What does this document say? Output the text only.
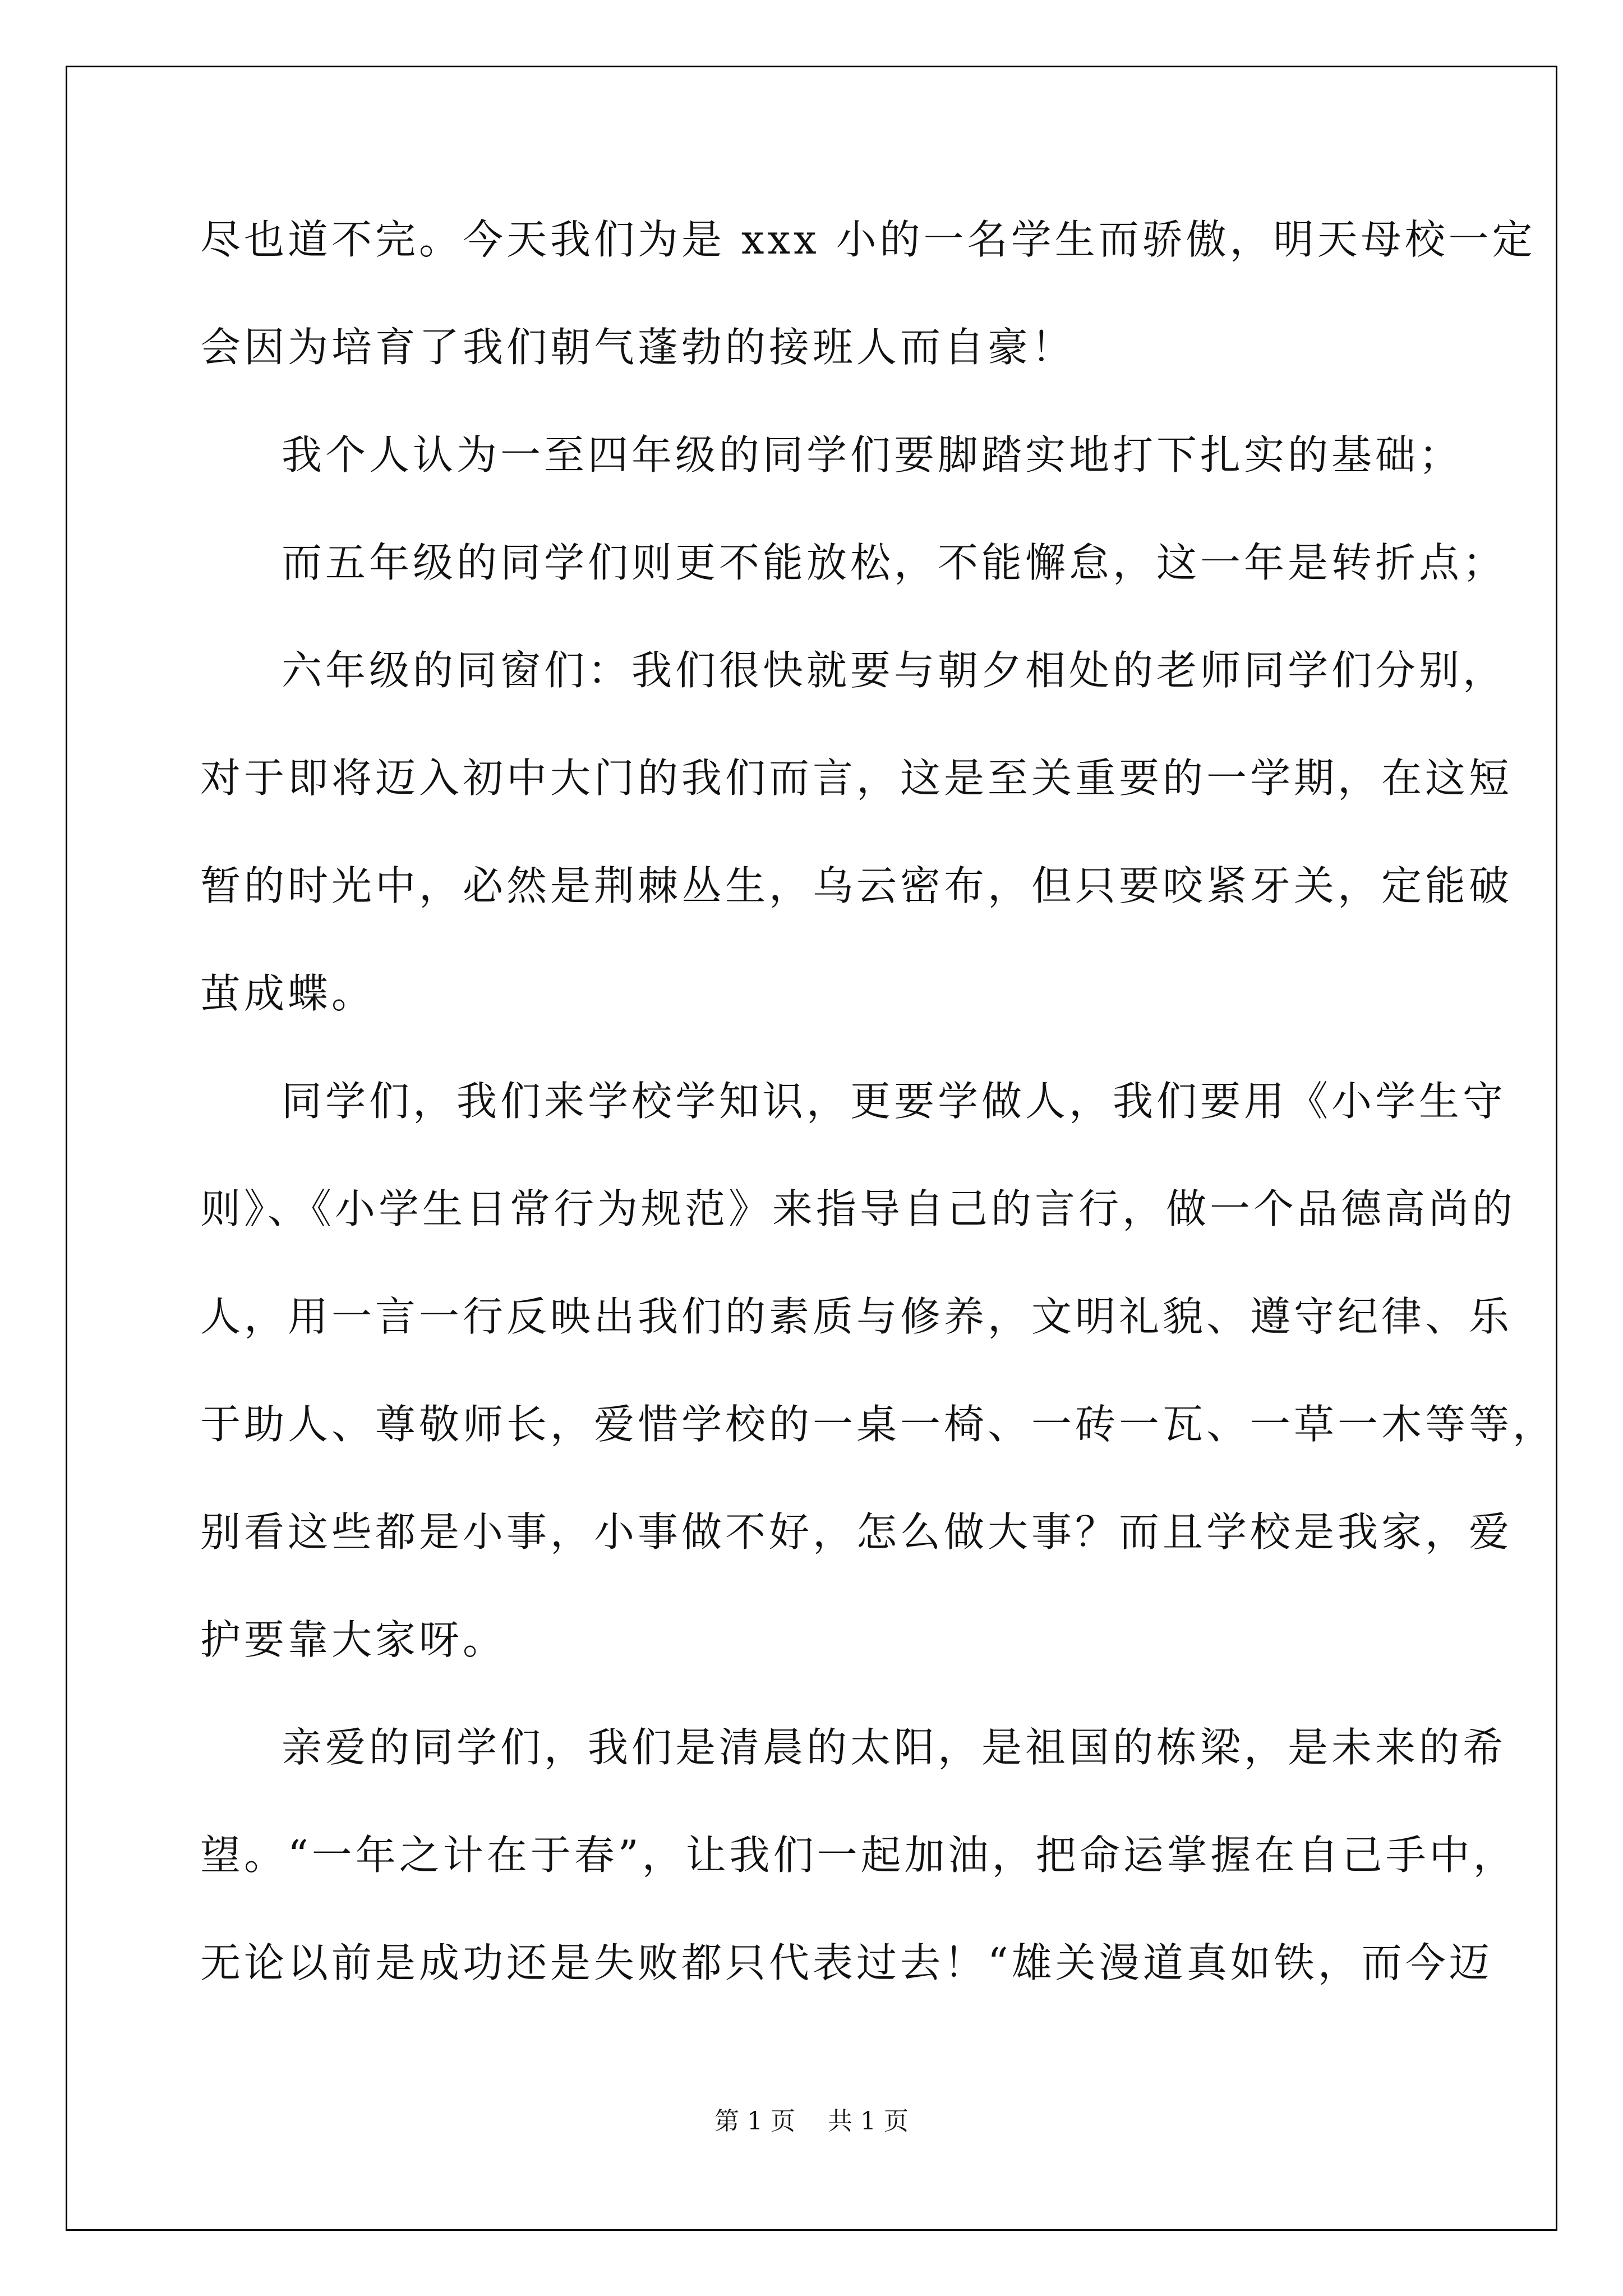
尽也道不完。今天我们为是 xxx 小的一名学生而骄傲，明天母校一定
会因为培育了我们朝气蓬勃的接班人而自豪！
我个人认为一至四年级的同学们要脚踏实地打下扎实的基础；
而五年级的同学们则更不能放松，不能懈怠，这一年是转折点；
六年级的同窗们：我们很快就要与朝夕相处的老师同学们分别，
对于即将迈入初中大门的我们而言，这是至关重要的一学期，在这短
暂的时光中，必然是荆棘丛生，乌云密布，但只要咬紧牙关，定能破
茧成蝶。
同学们，我们来学校学知识，更要学做人，我们要用《小学生守
则》、《小学生日常行为规范》来指导自己的言行，做一个品德高尚的
人，用一言一行反映出我们的素质与修养，文明礼貌、遵守纪律、乐
于助人、尊敬师长，爱惜学校的一桌一椅、一砖一瓦、一草一木等等，
别看这些都是小事，小事做不好，怎么做大事？而且学校是我家，爱
护要靠大家呀。
亲爱的同学们，我们是清晨的太阳，是祖国的栋梁，是未来的希
望。“一年之计在于春”，让我们一起加油，把命运掌握在自己手中，
无论以前是成功还是失败都只代表过去！“雄关漫道真如铁，而今迈
第 1 页　 共 1 页
